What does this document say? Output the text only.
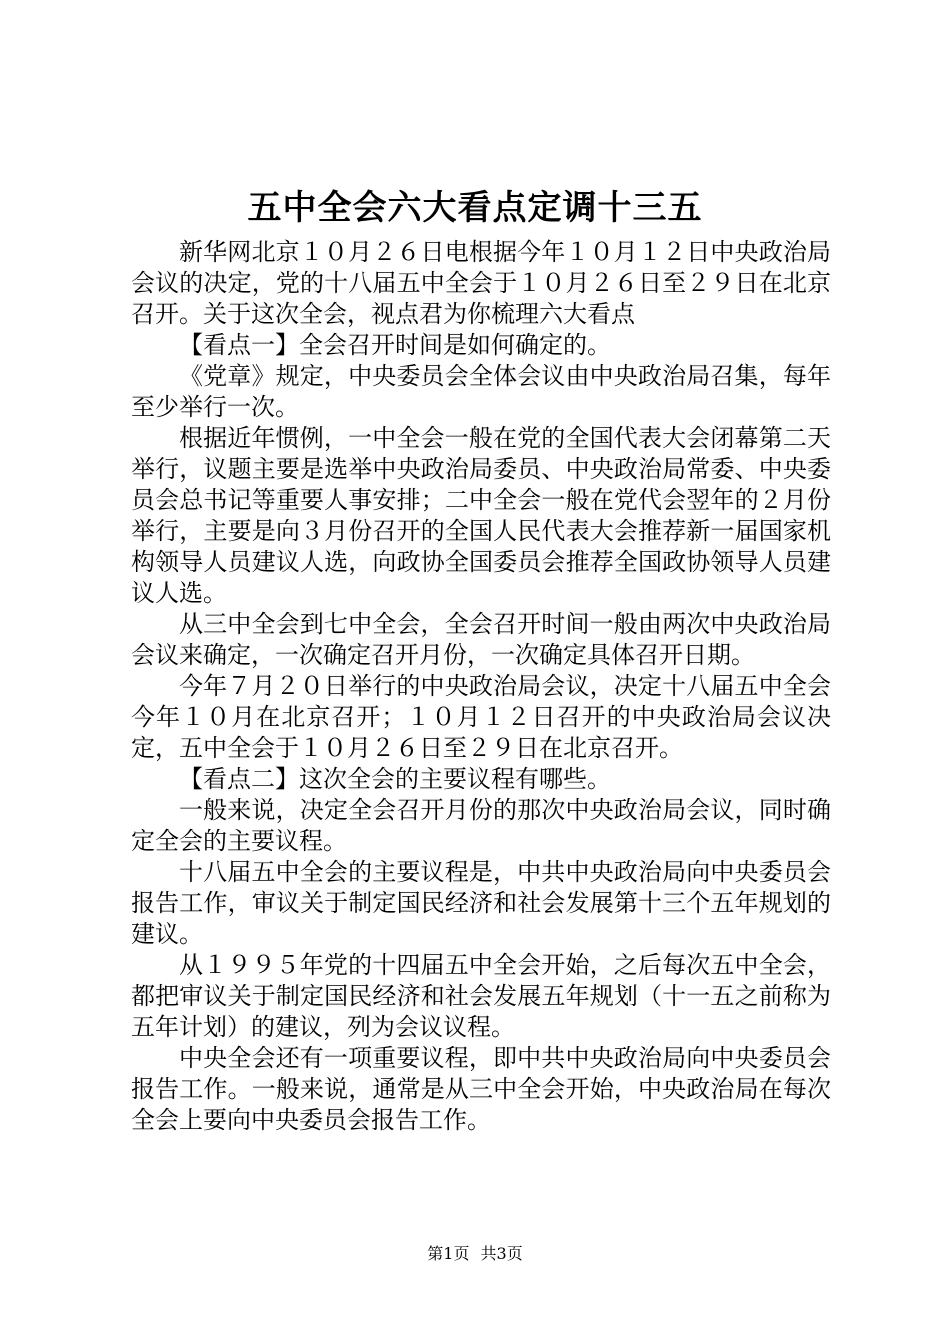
五中全会六大看点定调十三五

新华网北京１０月２６日电根据今年１０月１２日中央政治局会议的决定，党的十八届五中全会于１０月２６日至２９日在北京召开。关于这次全会，视点君为你梳理六大看点

【看点一】全会召开时间是如何确定的。

《党章》规定，中央委员会全体会议由中央政治局召集，每年至少举行一次。

根据近年惯例，一中全会一般在党的全国代表大会闭幕第二天举行，议题主要是选举中央政治局委员、中央政治局常委、中央委员会总书记等重要人事安排；二中全会一般在党代会翌年的２月份举行，主要是向３月份召开的全国人民代表大会推荐新一届国家机构领导人员建议人选，向政协全国委员会推荐全国政协领导人员建议人选。

从三中全会到七中全会，全会召开时间一般由两次中央政治局会议来确定，一次确定召开月份，一次确定具体召开日期。

今年７月２０日举行的中央政治局会议，决定十八届五中全会今年１０月在北京召开；１０月１２日召开的中央政治局会议决定，五中全会于１０月２６日至２９日在北京召开。

【看点二】这次全会的主要议程有哪些。

一般来说，决定全会召开月份的那次中央政治局会议，同时确定全会的主要议程。

十八届五中全会的主要议程是，中共中央政治局向中央委员会报告工作，审议关于制定国民经济和社会发展第十三个五年规划的建议。

从１９９５年党的十四届五中全会开始，之后每次五中全会，都把审议关于制定国民经济和社会发展五年规划（十一五之前称为五年计划）的建议，列为会议议程。

中央全会还有一项重要议程，即中共中央政治局向中央委员会报告工作。一般来说，通常是从三中全会开始，中央政治局在每次全会上要向中央委员会报告工作。

第1页 共3页
